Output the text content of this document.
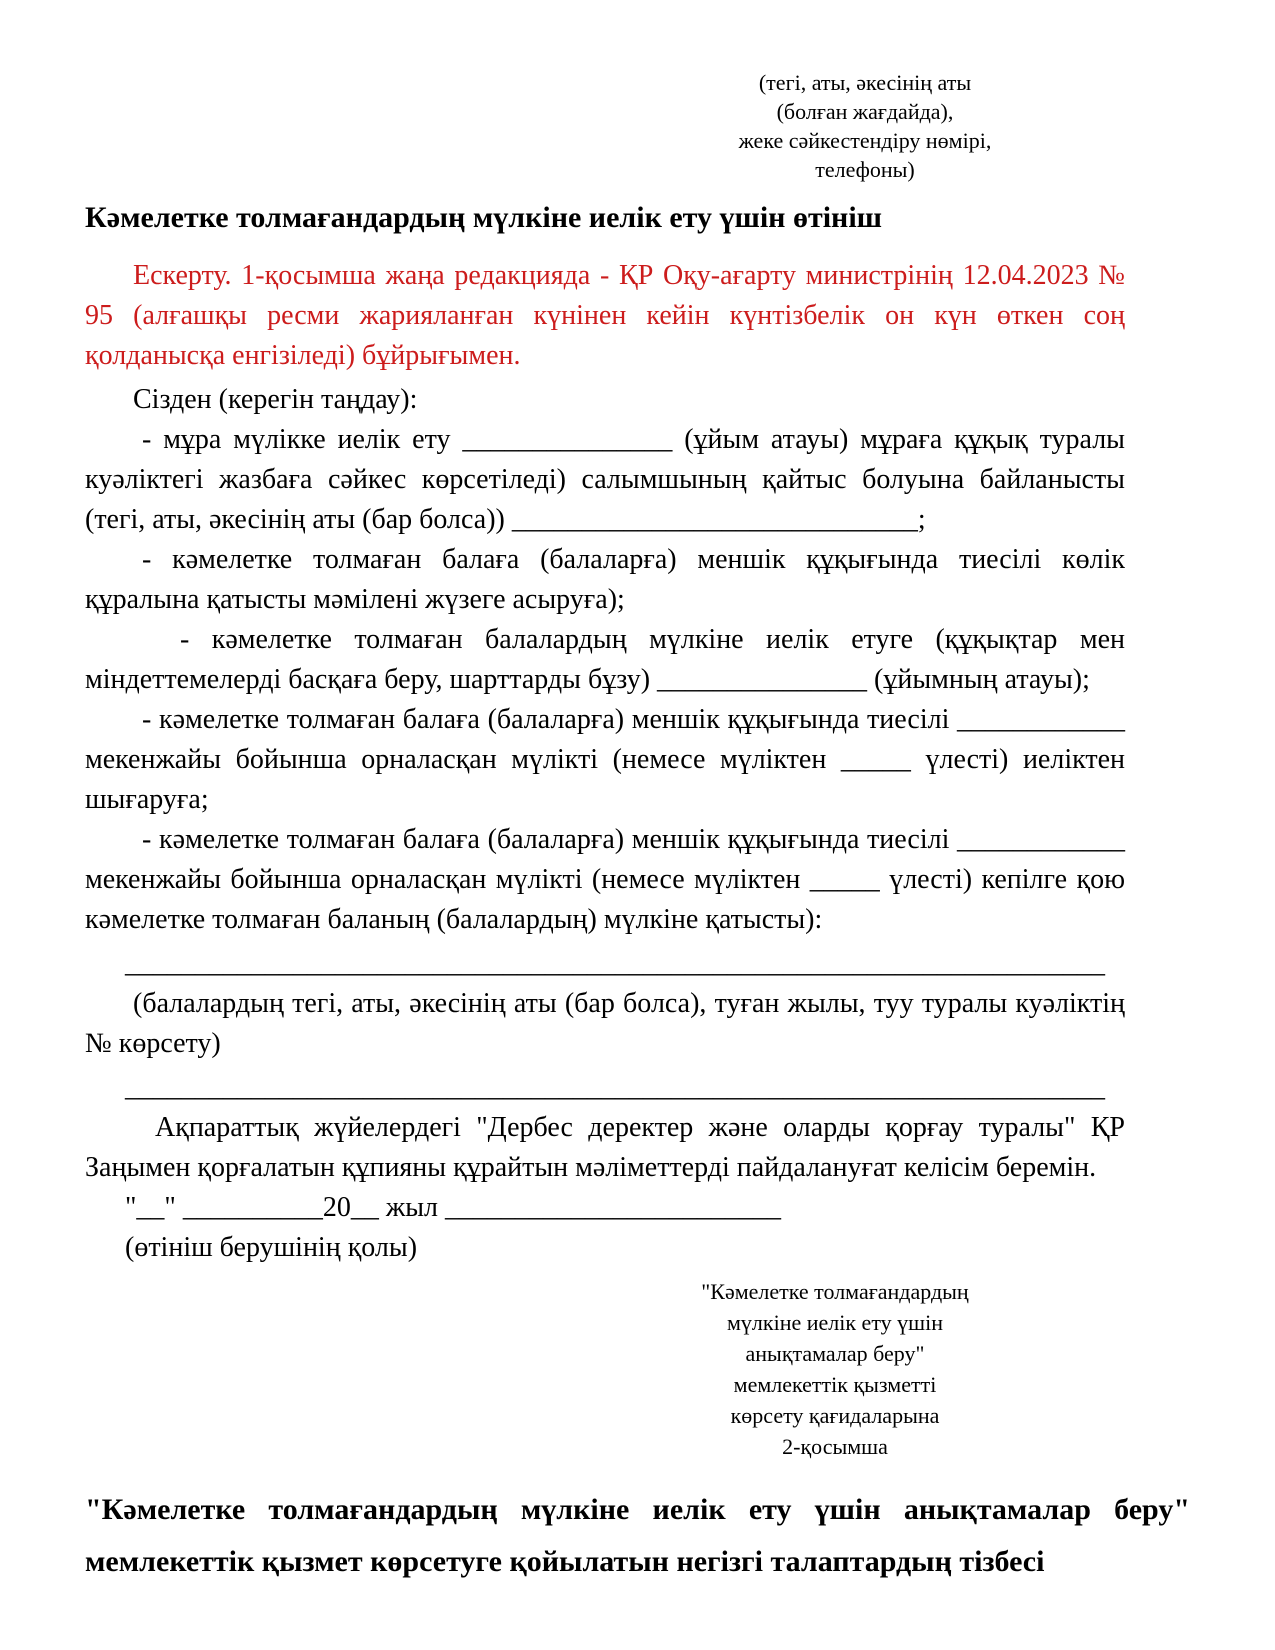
(тегі, аты, әкесінің аты
(болған жағдайда),
жеке сәйкестендіру нөмірі,
телефоны)
Кәмелетке толмағандардың мүлкіне иелік ету үшін өтініш

Ескерту. 1-қосымша жаңа редакцияда - ҚР Оқу-ағарту министрінің 12.04.2023 № 95 (алғашқы ресми жарияланған күнінен кейін күнтізбелік он күн өткен соң қолданысқа енгізіледі) бұйрығымен.

Сізден (керегін таңдау):

- мұра мүлікке иелік ету _______________ (ұйым атауы) мұраға құқық туралы куәліктегі жазбаға сәйкес көрсетіледі) салымшының қайтыс болуына байланысты (тегі, аты, әкесінің аты (бар болса)) _____________________________;

- кәмелетке толмаған балаға (балаларға) меншік құқығында тиесілі көлік құралына қатысты мәмілені жүзеге асыруға);

- кәмелетке толмаған балалардың мүлкіне иелік етуге (құқықтар мен міндеттемелерді басқаға беру, шарттарды бұзу) _______________ (ұйымның атауы);

- кәмелетке толмаған балаға (балаларға) меншік құқығында тиесілі ____________ мекенжайы бойынша орналасқан мүлікті (немесе мүліктен _____ үлесті) иеліктен шығаруға;

- кәмелетке толмаған балаға (балаларға) меншік құқығында тиесілі ____________ мекенжайы бойынша орналасқан мүлікті (немесе мүліктен _____ үлесті) кепілге қою кәмелетке толмаған баланың (балалардың) мүлкіне қатысты):

______________________________________________________________________

(балалардың тегі, аты, әкесінің аты (бар болса), туған жылы, туу туралы куәліктің № көрсету)

______________________________________________________________________

Ақпараттық жүйелердегі "Дербес деректер және оларды қорғау туралы" ҚР Заңымен қорғалатын құпияны құрайтын мәліметтерді пайдалануғат келісім беремін.

"__" __________20__ жыл ________________________

(өтініш берушінің қолы)

"Кәмелетке толмағандардың
мүлкіне иелік ету үшін
анықтамалар беру"
мемлекеттік қызметті
көрсету қағидаларына
2-қосымша
"Кәмелетке толмағандардың мүлкіне иелік ету үшін анықтамалар беру" мемлекеттік қызмет көрсетуге қойылатын негізгі талаптардың тізбесі
